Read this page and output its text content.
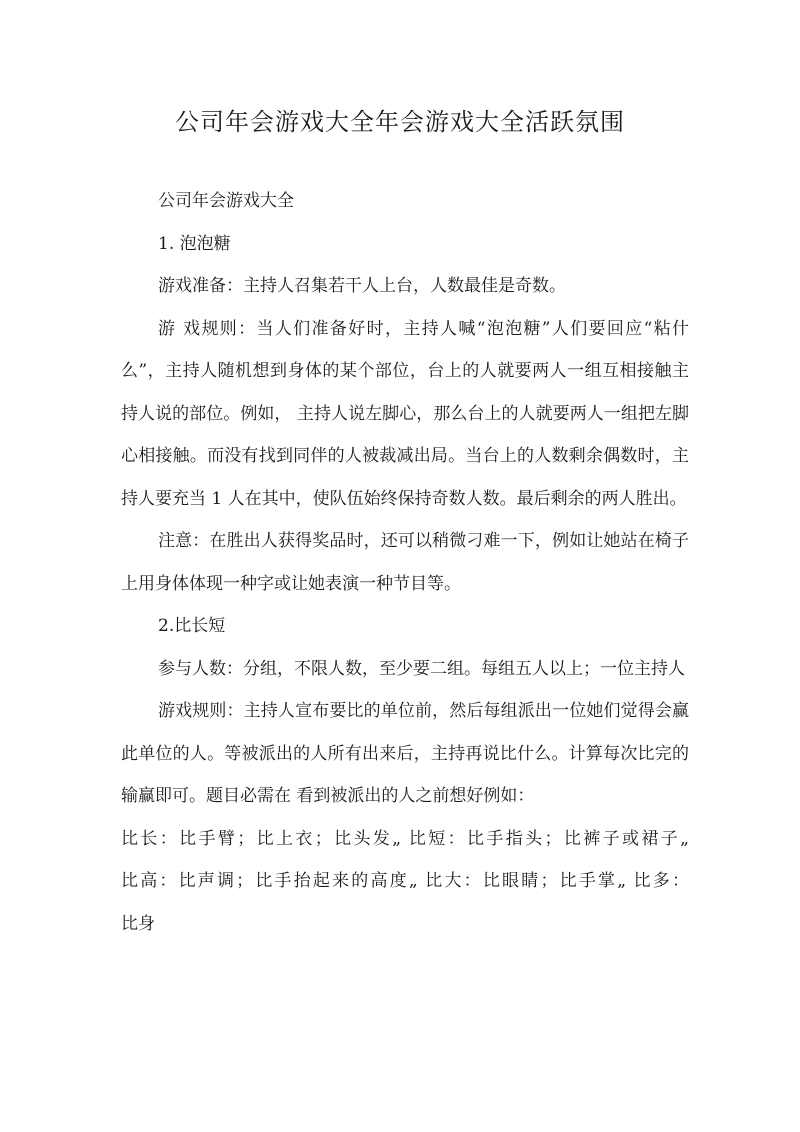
公司年会游戏大全年会游戏大全活跃氛围

公司年会游戏大全

1. 泡泡糖

游戏准备：主持人召集若干人上台，人数最佳是奇数。

游 戏规则：当人们准备好时，主持人喊“泡泡糖”人们要回应“粘什么”，主持人随机想到身体的某个部位，台上的人就要两人一组互相接触主持人说的部位。例如， 主持人说左脚心，那么台上的人就要两人一组把左脚心相接触。而没有找到同伴的人被裁减出局。当台上的人数剩余偶数时，主持人要充当 1 人在其中，使队伍始终保持奇数人数。最后剩余的两人胜出。

注意：在胜出人获得奖品时，还可以稍微刁难一下，例如让她站在椅子上用身体体现一种字或让她表演一种节目等。

2.比长短

参与人数：分组，不限人数，至少要二组。每组五人以上；一位主持人

游戏规则：主持人宣布要比的单位前，然后每组派出一位她们觉得会赢此单位的人。等被派出的人所有出来后，主持再说比什么。计算每次比完的输赢即可。题目必需在 看到被派出的人之前想好例如：

比长：比手臂；比上衣；比头发„ 比短：比手指头；比裤子或裙子„
比高：比声调；比手抬起来的高度„ 比大：比眼睛；比手掌„ 比多：
比身
